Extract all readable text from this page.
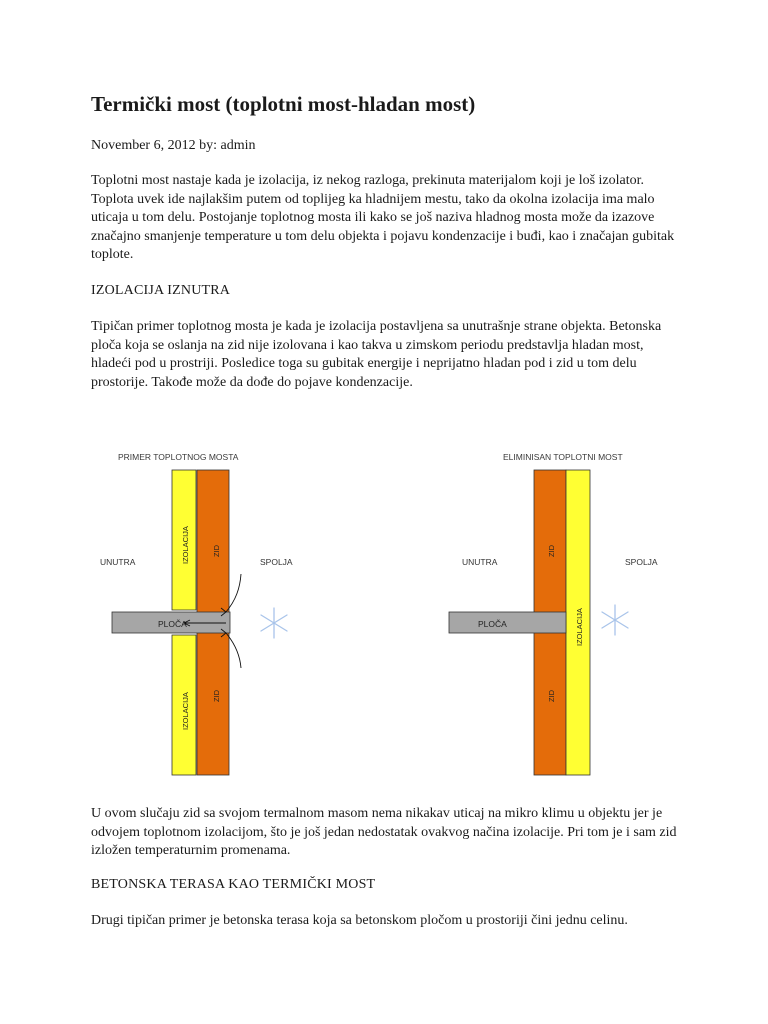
Termički most (toplotni most-hladan most)
November 6, 2012 by: admin
Toplotni most nastaje kada je izolacija, iz nekog razloga, prekinuta materijalom koji je loš izolator. Toplota uvek ide najlakšim putem od toplijeg ka hladnijem mestu, tako da okolna izolacija ima malo uticaja u tom delu. Postojanje toplotnog mosta ili kako se još naziva hladnog mosta može da izazove značajno smanjenje temperature u tom delu objekta i pojavu kondenzacije i buđi, kao i značajan gubitak toplote.
IZOLACIJA IZNUTRA
Tipičan primer toplotnog mosta je kada je izolacija postavljena sa unutrašnje strane objekta. Betonska ploča koja se oslanja na zid nije izolovana i kao takva u zimskom periodu predstavlja hladan most, hladeći pod u prostriji. Posledice toga su gubitak energije i neprijatno hladan pod i zid u tom delu prostorije. Takođe može da dođe do pojave kondenzacije.
U ovom slučaju zid sa svojom termalnom masom nema nikakav uticaj na mikro klimu u objektu jer je odvojem toplotnom izolacijom, što je još jedan nedostatak ovakvog načina izolacije. Pri tom je i sam zid izložen temperaturnim promenama.
BETONSKA TERASA KAO TERMIČKI MOST
Drugi tipičan primer je betonska terasa koja sa betonskom pločom u prostoriji čini jednu celinu.
PRIMER TOPLOTNOG MOSTA
PLOČA
IZOLACIJA
IZOLACIJA
ZID
ZID
UNUTRA	SPOLJA
ELIMINISAN TOPLOTNI MOST
PLOČA
ZID
ZID
IZOLACIJA
UNUTRA	SPOLJA
